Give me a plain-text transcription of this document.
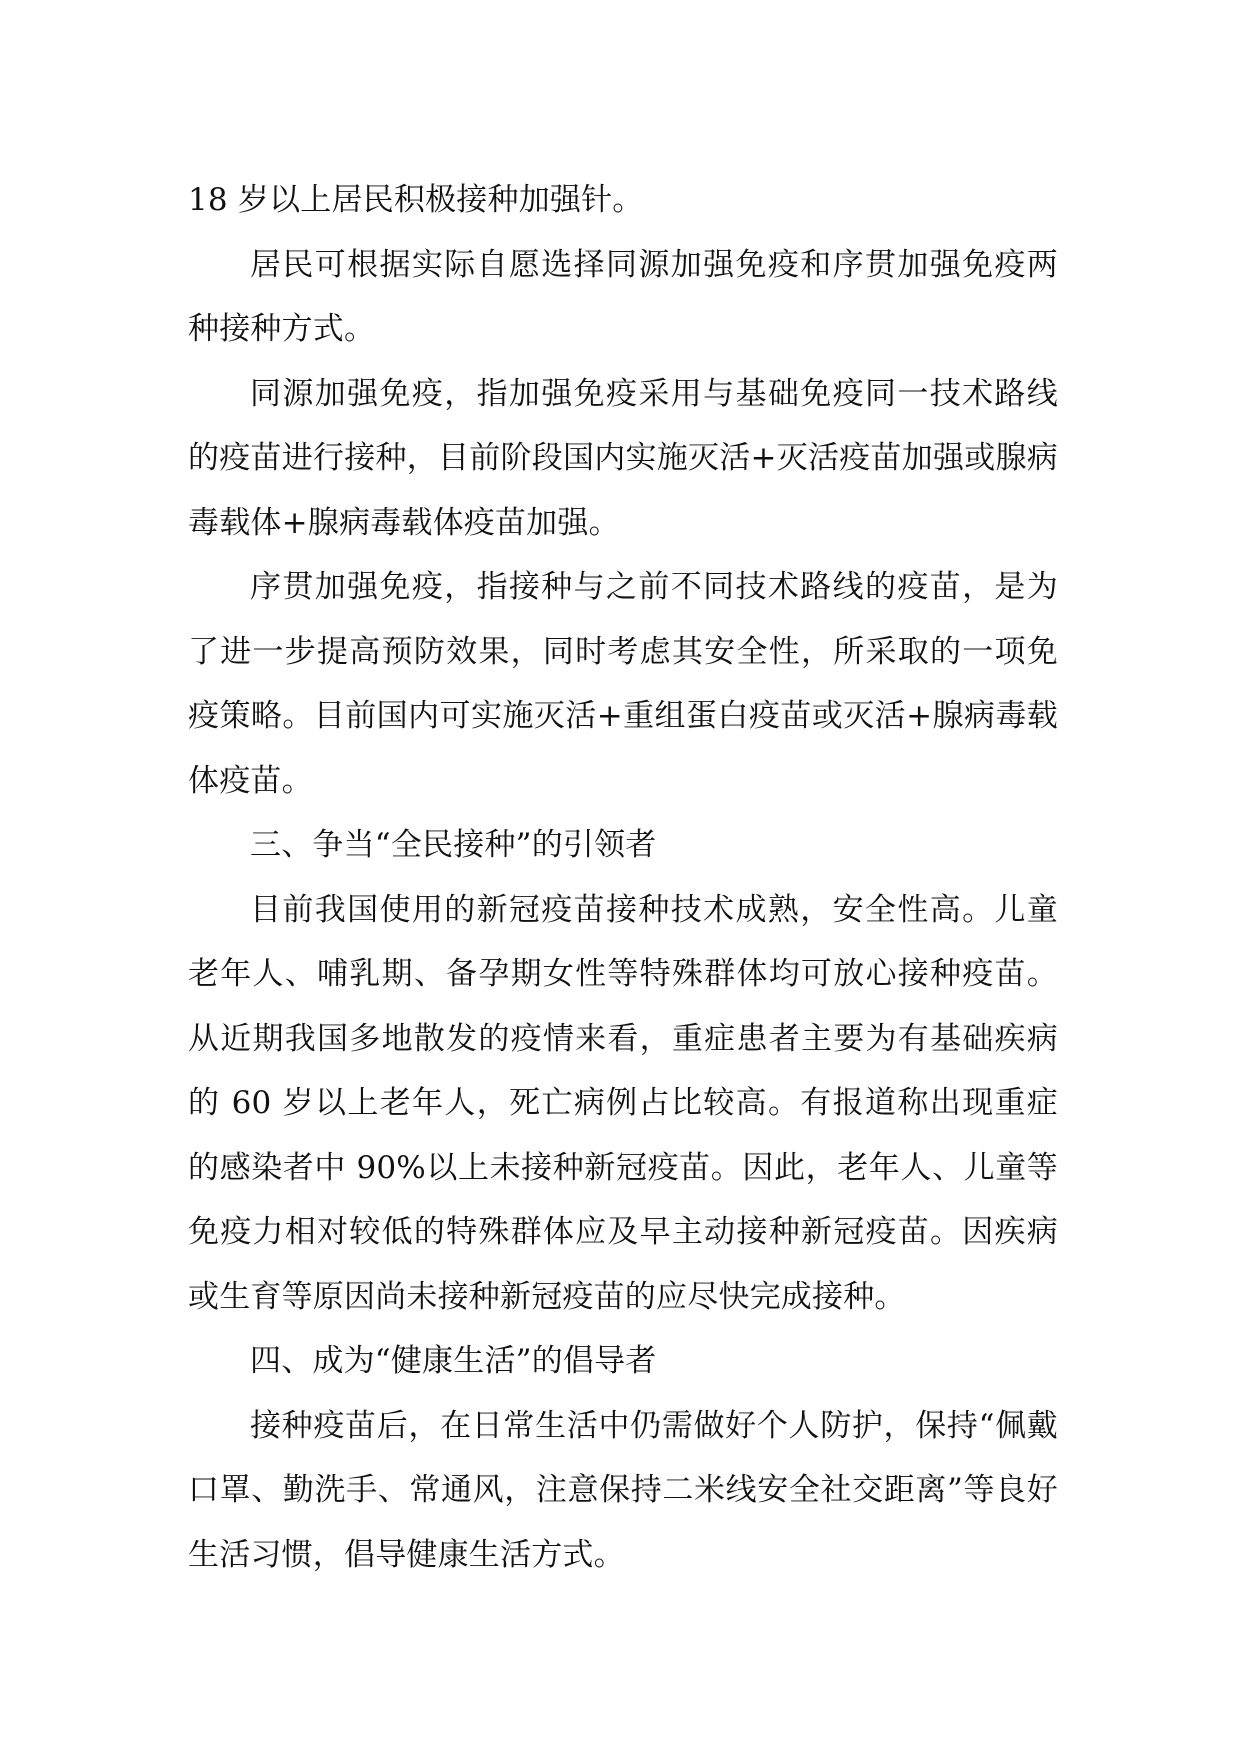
18 岁以上居民积极接种加强针。

居民可根据实际自愿选择同源加强免疫和序贯加强免疫两种接种方式。

同源加强免疫，指加强免疫采用与基础免疫同一技术路线的疫苗进行接种，目前阶段国内实施灭活+灭活疫苗加强或腺病毒载体+腺病毒载体疫苗加强。

序贯加强免疫，指接种与之前不同技术路线的疫苗，是为了进一步提高预防效果，同时考虑其安全性，所采取的一项免疫策略。目前国内可实施灭活+重组蛋白疫苗或灭活+腺病毒载体疫苗。

三、争当“全民接种”的引领者

目前我国使用的新冠疫苗接种技术成熟，安全性高。儿童老年人、哺乳期、备孕期女性等特殊群体均可放心接种疫苗。从近期我国多地散发的疫情来看，重症患者主要为有基础疾病的 60 岁以上老年人，死亡病例占比较高。有报道称出现重症的感染者中 90%以上未接种新冠疫苗。因此，老年人、儿童等免疫力相对较低的特殊群体应及早主动接种新冠疫苗。因疾病或生育等原因尚未接种新冠疫苗的应尽快完成接种。

四、成为“健康生活”的倡导者

接种疫苗后，在日常生活中仍需做好个人防护，保持“佩戴口罩、勤洗手、常通风，注意保持二米线安全社交距离”等良好生活习惯，倡导健康生活方式。
